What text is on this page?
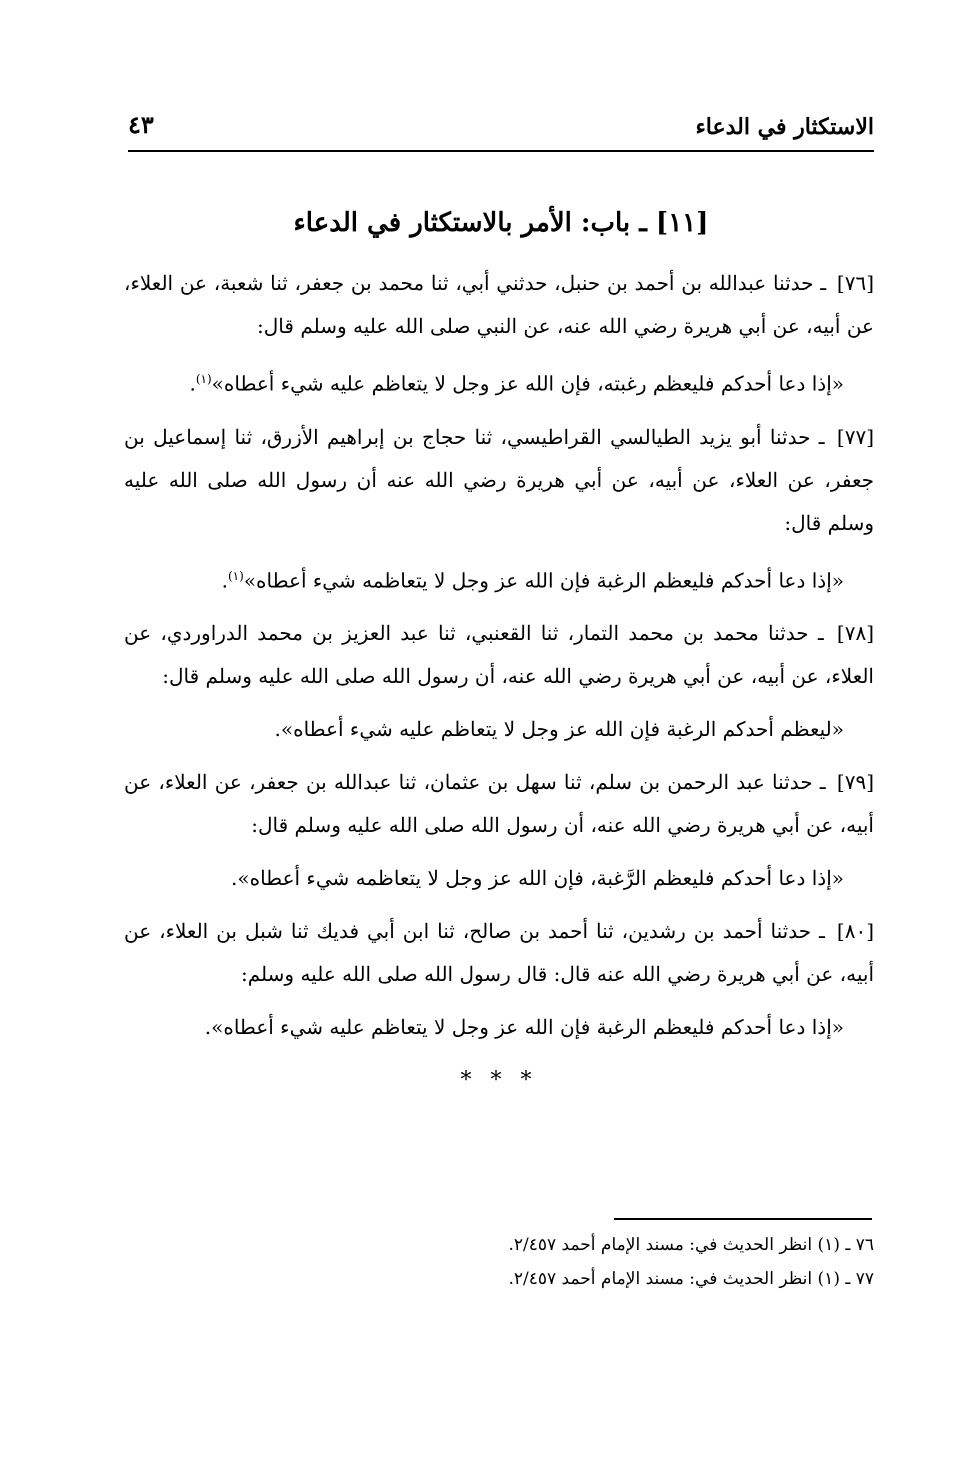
الاستكثار في الدعاء
٤٣
[١١] ـ باب: الأمر بالاستكثار في الدعاء

[٧٦] ـ حدثنا عبدالله بن أحمد بن حنبل، حدثني أبي، ثنا محمد بن جعفر، ثنا شعبة، عن العلاء، عن أبيه، عن أبي هريرة رضي الله عنه، عن النبي صلى الله عليه وسلم قال:

«إذا دعا أحدكم فليعظم رغبته، فإن الله عز وجل لا يتعاظم عليه شيء أعطاه»$^{(١)}$.

[٧٧] ـ حدثنا أبو يزيد الطيالسي القراطيسي، ثنا حجاج بن إبراهيم الأزرق، ثنا إسماعيل بن جعفر، عن العلاء، عن أبيه، عن أبي هريرة رضي الله عنه أن رسول الله صلى الله عليه وسلم قال:

«إذا دعا أحدكم فليعظم الرغبة فإن الله عز وجل لا يتعاظمه شيء أعطاه»$^{(١)}$.

[٧٨] ـ حدثنا محمد بن محمد التمار، ثنا القعنبي، ثنا عبد العزيز بن محمد الدراوردي، عن العلاء، عن أبيه، عن أبي هريرة رضي الله عنه، أن رسول الله صلى الله عليه وسلم قال:

«ليعظم أحدكم الرغبة فإن الله عز وجل لا يتعاظم عليه شيء أعطاه».

[٧٩] ـ حدثنا عبد الرحمن بن سلم، ثنا سهل بن عثمان، ثنا عبدالله بن جعفر، عن العلاء، عن أبيه، عن أبي هريرة رضي الله عنه، أن رسول الله صلى الله عليه وسلم قال:

«إذا دعا أحدكم فليعظم الرَّغبة، فإن الله عز وجل لا يتعاظمه شيء أعطاه».

[٨٠] ـ حدثنا أحمد بن رشدين، ثنا أحمد بن صالح، ثنا ابن أبي فديك ثنا شبل بن العلاء، عن أبيه، عن أبي هريرة رضي الله عنه قال: قال رسول الله صلى الله عليه وسلم:

«إذا دعا أحدكم فليعظم الرغبة فإن الله عز وجل لا يتعاظم عليه شيء أعطاه».

* * *

٧٦ ـ (١) انظر الحديث في: مسند الإمام أحمد ٢/٤٥٧.

٧٧ ـ (١) انظر الحديث في: مسند الإمام أحمد ٢/٤٥٧.
